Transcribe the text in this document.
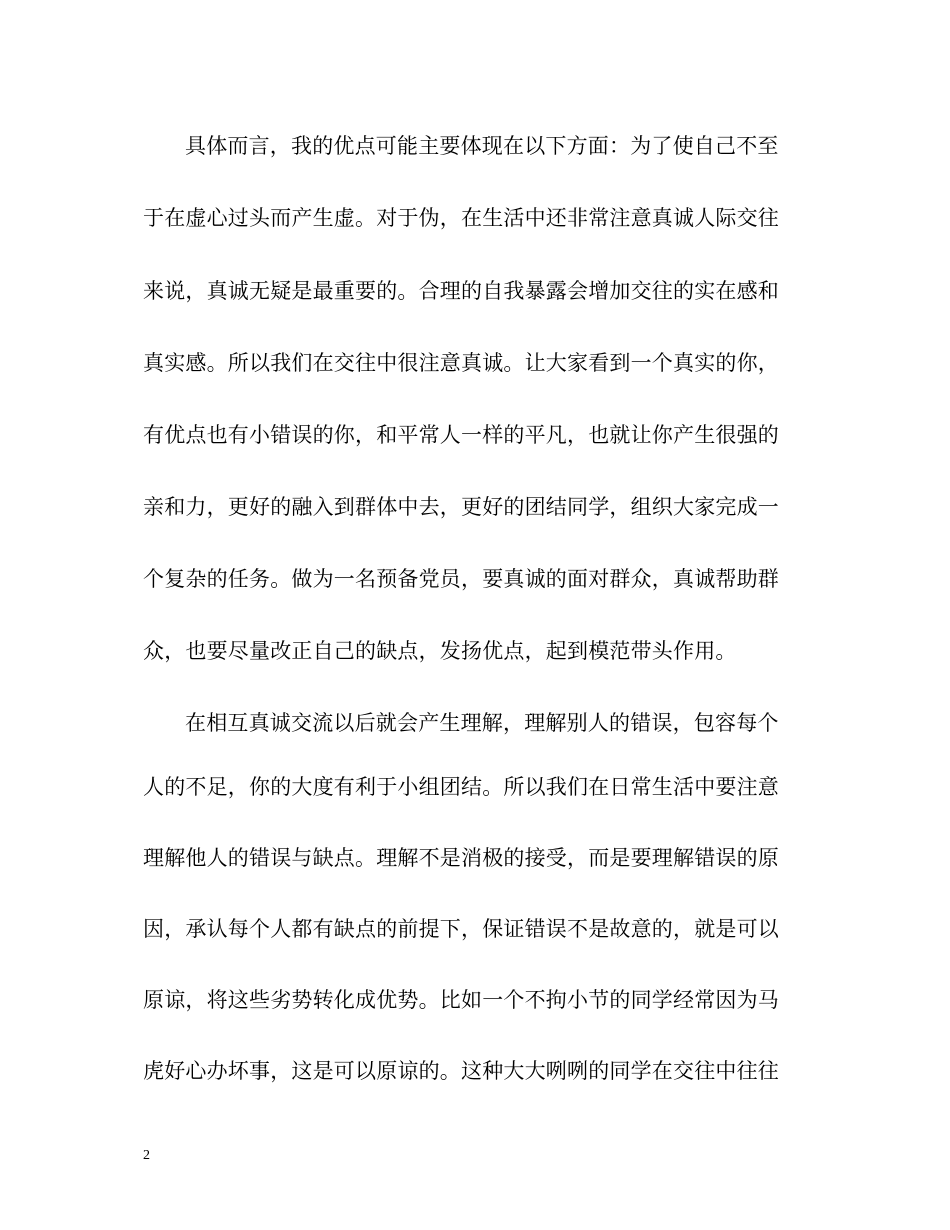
具体而言，我的优点可能主要体现在以下方面：为了使自己不至
于在虚心过头而产生虚。对于伪，在生活中还非常注意真诚人际交往
来说，真诚无疑是最重要的。合理的自我暴露会增加交往的实在感和
真实感。所以我们在交往中很注意真诚。让大家看到一个真实的你，
有优点也有小错误的你，和平常人一样的平凡，也就让你产生很强的
亲和力，更好的融入到群体中去，更好的团结同学，组织大家完成一
个复杂的任务。做为一名预备党员，要真诚的面对群众，真诚帮助群
众，也要尽量改正自己的缺点，发扬优点，起到模范带头作用。
在相互真诚交流以后就会产生理解，理解别人的错误，包容每个
人的不足，你的大度有利于小组团结。所以我们在日常生活中要注意
理解他人的错误与缺点。理解不是消极的接受，而是要理解错误的原
因，承认每个人都有缺点的前提下，保证错误不是故意的，就是可以
原谅，将这些劣势转化成优势。比如一个不拘小节的同学经常因为马
虎好心办坏事，这是可以原谅的。这种大大咧咧的同学在交往中往往
2
